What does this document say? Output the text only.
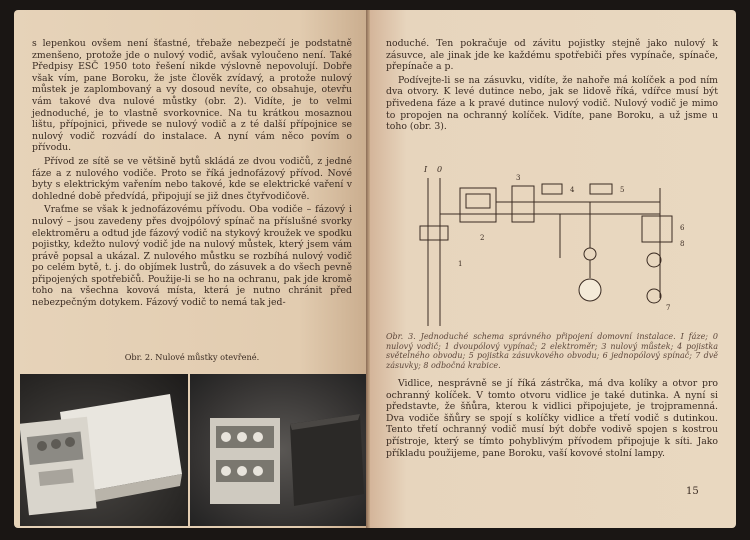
s lepenkou ovšem není šťastné, třebaže nebezpečí je podstatně zmenšeno, protože jde o nulový vodič, avšak vyloučeno není. Také Předpisy ESČ 1950 toto řešení nikde výslovně nepovolují. Dobře však vím, pane Boroku, že jste člověk zvídavý, a protože nulový můstek je zaplombovaný a vy dosoud nevíte, co obsahuje, otevřu vám takové dva nulové můstky (obr. 2). Vidíte, je to velmi jednoduché, je to vlastně svorkovnice. Na tu krátkou mosaznou lištu, přípojnici, přivede se nulový vodič a z té další přípojnice se nulový vodič rozvádí do instalace. A nyní vám něco povím o přívodu.

Přívod ze sítě se ve většině bytů skládá ze dvou vodičů, z jedné fáze a z nulového vodiče. Proto se říká jednofázový přívod. Nové byty s elektrickým vařením nebo takové, kde se elektrické vaření v dohledné době předvídá, připojují se již dnes čtyřvodičově.

Vraťme se však k jednofázovému přívodu. Oba vodiče – fázový i nulový – jsou zavedeny přes dvojpólový spínač na příslušné svorky elektroměru a odtud jde fázový vodič na stykový kroužek ve spodku pojistky, kdežto nulový vodič jde na nulový můstek, který jsem vám právě popsal a ukázal. Z nulového můstku se rozbíhá nulový vodič po celém bytě, t. j. do objímek lustrů, do zásuvek a do všech pevně připojených spotřebičů. Použije-li se ho na ochranu, pak jde kromě toho na všechna kovová místa, která je nutno chránit před nebezpečným dotykem. Fázový vodič to nemá tak jed-

Obr. 2. Nulové můstky otevřené.

noduché. Ten pokračuje od závitu pojistky stejně jako nulový k zásuvce, ale jinak jde ke každému spotřebiči přes vypínače, spínače, přepínače a p.

Podívejte-li se na zásuvku, vidíte, že nahoře má kolíček a pod ním dva otvory. K levé dutince nebo, jak se lidově říká, vdířce musí být přivedena fáze a k pravé dutince nulový vodič. Nulový vodič je mimo to propojen na ochranný kolíček. Vidíte, pane Boroku, a už jsme u toho (obr. 3).

I 0
1
2
3
4	5
6
8
7
Obr. 3. Jednoduché schema správného připojení domovní instalace. I fáze; 0 nulový vodič; 1 dvoupólový vypínač; 2 elektroměr; 3 nulový můstek; 4 pojistka světelného obvodu; 5 pojistka zásuvkového obvodu; 6 jednopólový spínač; 7 dvě zásuvky; 8 odbočná krabice.

Vidlice, nesprávně se jí říká zástrčka, má dva kolíky a otvor pro ochranný kolíček. V tomto otvoru vidlice je také dutinka. A nyní si představte, že šňůra, kterou k vidlici připojujete, je trojpramenná. Dva vodiče šňůry se spojí s kolíčky vidlice a třetí vodič s dutinkou. Tento třetí ochranný vodič musí být dobře vodivě spojen s kostrou přístroje, který se tímto pohyblivým přívodem připojuje k síti. Jako příkladu použijeme, pane Boroku, vaší kovové stolní lampy.

15
